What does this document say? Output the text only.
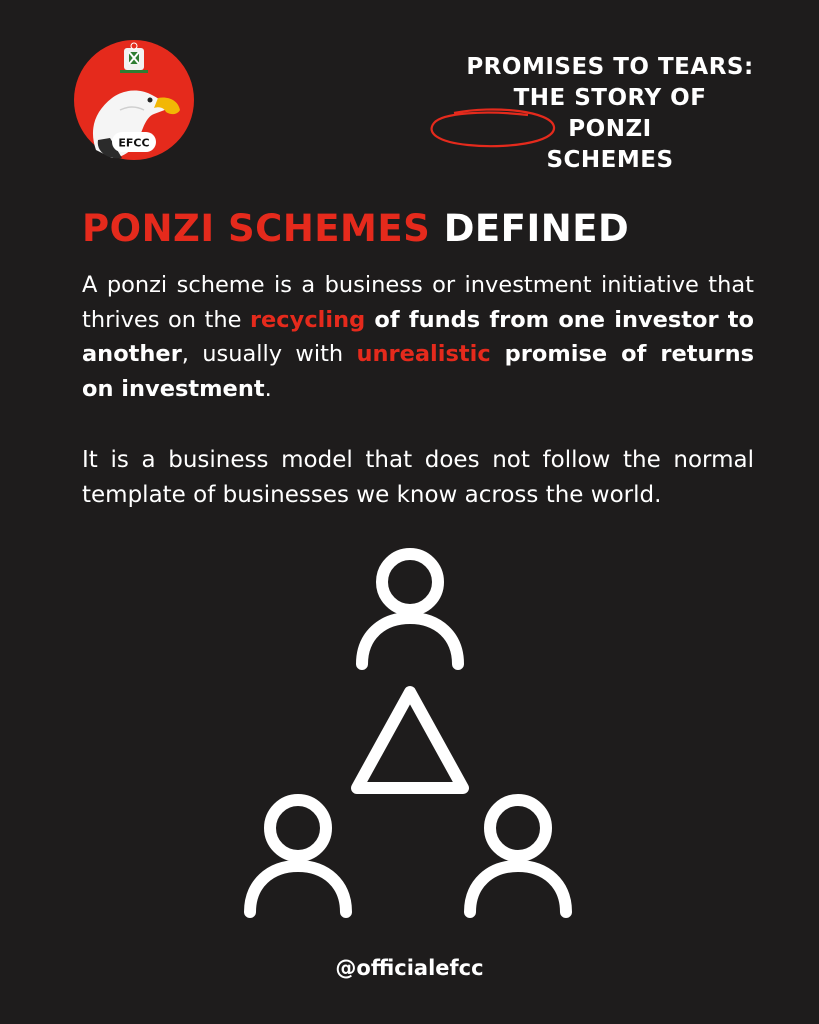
EFCC
PROMISES TO TEARS:
THE STORY OF
PONZI
SCHEMES
PONZI SCHEMES DEFINED

A ponzi scheme is a business or investment initiative that thrives on the recycling of funds from one investor to another, usually with unrealistic promise of returns on investment.

It is a business model that does not follow the normal template of businesses we know across the world.

@officialefcc
